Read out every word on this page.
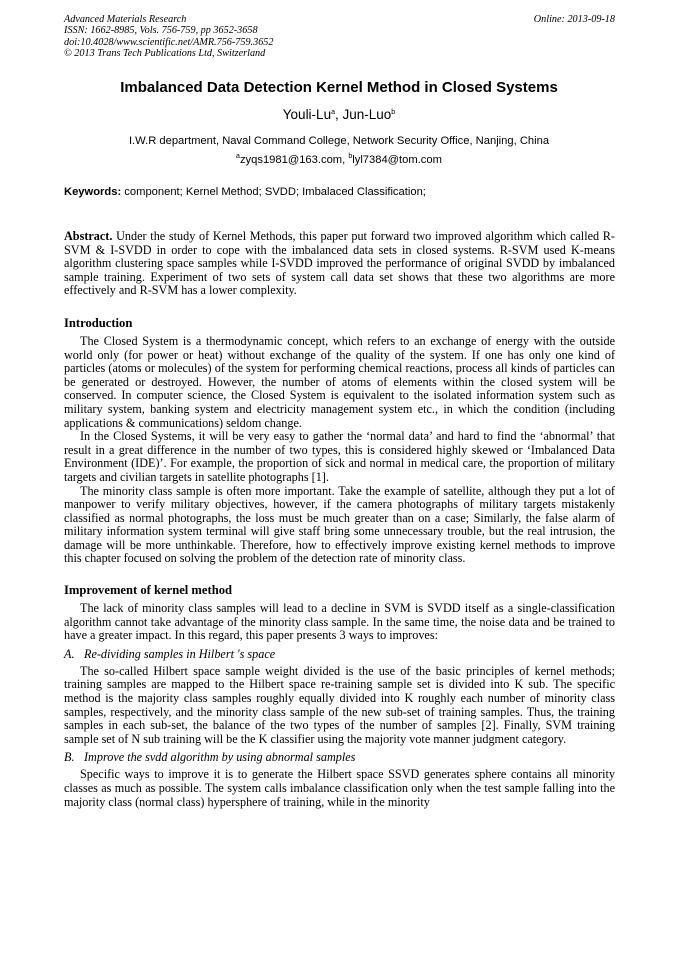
Advanced Materials Research	Online: 2013-09-18
ISSN: 1662-8985, Vols. 756-759, pp 3652-3658
doi:10.4028/www.scientific.net/AMR.756-759.3652
© 2013 Trans Tech Publications Ltd, Switzerland
Imbalanced Data Detection Kernel Method in Closed Systems
Youli-Lu$^a$, Jun-Luo$^b$
I.W.R department, Naval Command College, Network Security Office, Nanjing, China
$^a$zyqs1981@163.com, $^b$lyl7384@tom.com
Keywords: component; Kernel Method; SVDD; Imbalaced Classification;

Abstract. Under the study of Kernel Methods, this paper put forward two improved algorithm which called R-SVM & I-SVDD in order to cope with the imbalanced data sets in closed systems. R-SVM used K-means algorithm clustering space samples while I-SVDD improved the performance of original SVDD by imbalanced sample training. Experiment of two sets of system call data set shows that these two algorithms are more effectively and R-SVM has a lower complexity.

Introduction

The Closed System is a thermodynamic concept, which refers to an exchange of energy with the outside world only (for power or heat) without exchange of the quality of the system. If one has only one kind of particles (atoms or molecules) of the system for performing chemical reactions, process all kinds of particles can be generated or destroyed. However, the number of atoms of elements within the closed system will be conserved. In computer science, the Closed System is equivalent to the isolated information system such as military system, banking system and electricity management system etc., in which the condition (including applications & communications) seldom change.

In the Closed Systems, it will be very easy to gather the ‘normal data’ and hard to find the ‘abnormal’ that result in a great difference in the number of two types, this is considered highly skewed or ‘Imbalanced Data Environment (IDE)’. For example, the proportion of sick and normal in medical care, the proportion of military targets and civilian targets in satellite photographs [1].

The minority class sample is often more important. Take the example of satellite, although they put a lot of manpower to verify military objectives, however, if the camera photographs of military targets mistakenly classified as normal photographs, the loss must be much greater than on a case; Similarly, the false alarm of military information system terminal will give staff bring some unnecessary trouble, but the real intrusion, the damage will be more unthinkable. Therefore, how to effectively improve existing kernel methods to improve this chapter focused on solving the problem of the detection rate of minority class.

Improvement of kernel method

The lack of minority class samples will lead to a decline in SVM is SVDD itself as a single-classification algorithm cannot take advantage of the minority class sample. In the same time, the noise data and be trained to have a greater impact. In this regard, this paper presents 3 ways to improves:

A. Re-dividing samples in Hilbert 's space

The so-called Hilbert space sample weight divided is the use of the basic principles of kernel methods; training samples are mapped to the Hilbert space re-training sample set is divided into K sub. The specific method is the majority class samples roughly equally divided into K roughly each number of minority class samples, respectively, and the minority class sample of the new sub-set of training samples. Thus, the training samples in each sub-set, the balance of the two types of the number of samples [2]. Finally, SVM training sample set of N sub training will be the K classifier using the majority vote manner judgment category.

B. Improve the svdd algorithm by using abnormal samples

Specific ways to improve it is to generate the Hilbert space SSVD generates sphere contains all minority classes as much as possible. The system calls imbalance classification only when the test sample falling into the majority class (normal class) hypersphere of training, while in the minority
